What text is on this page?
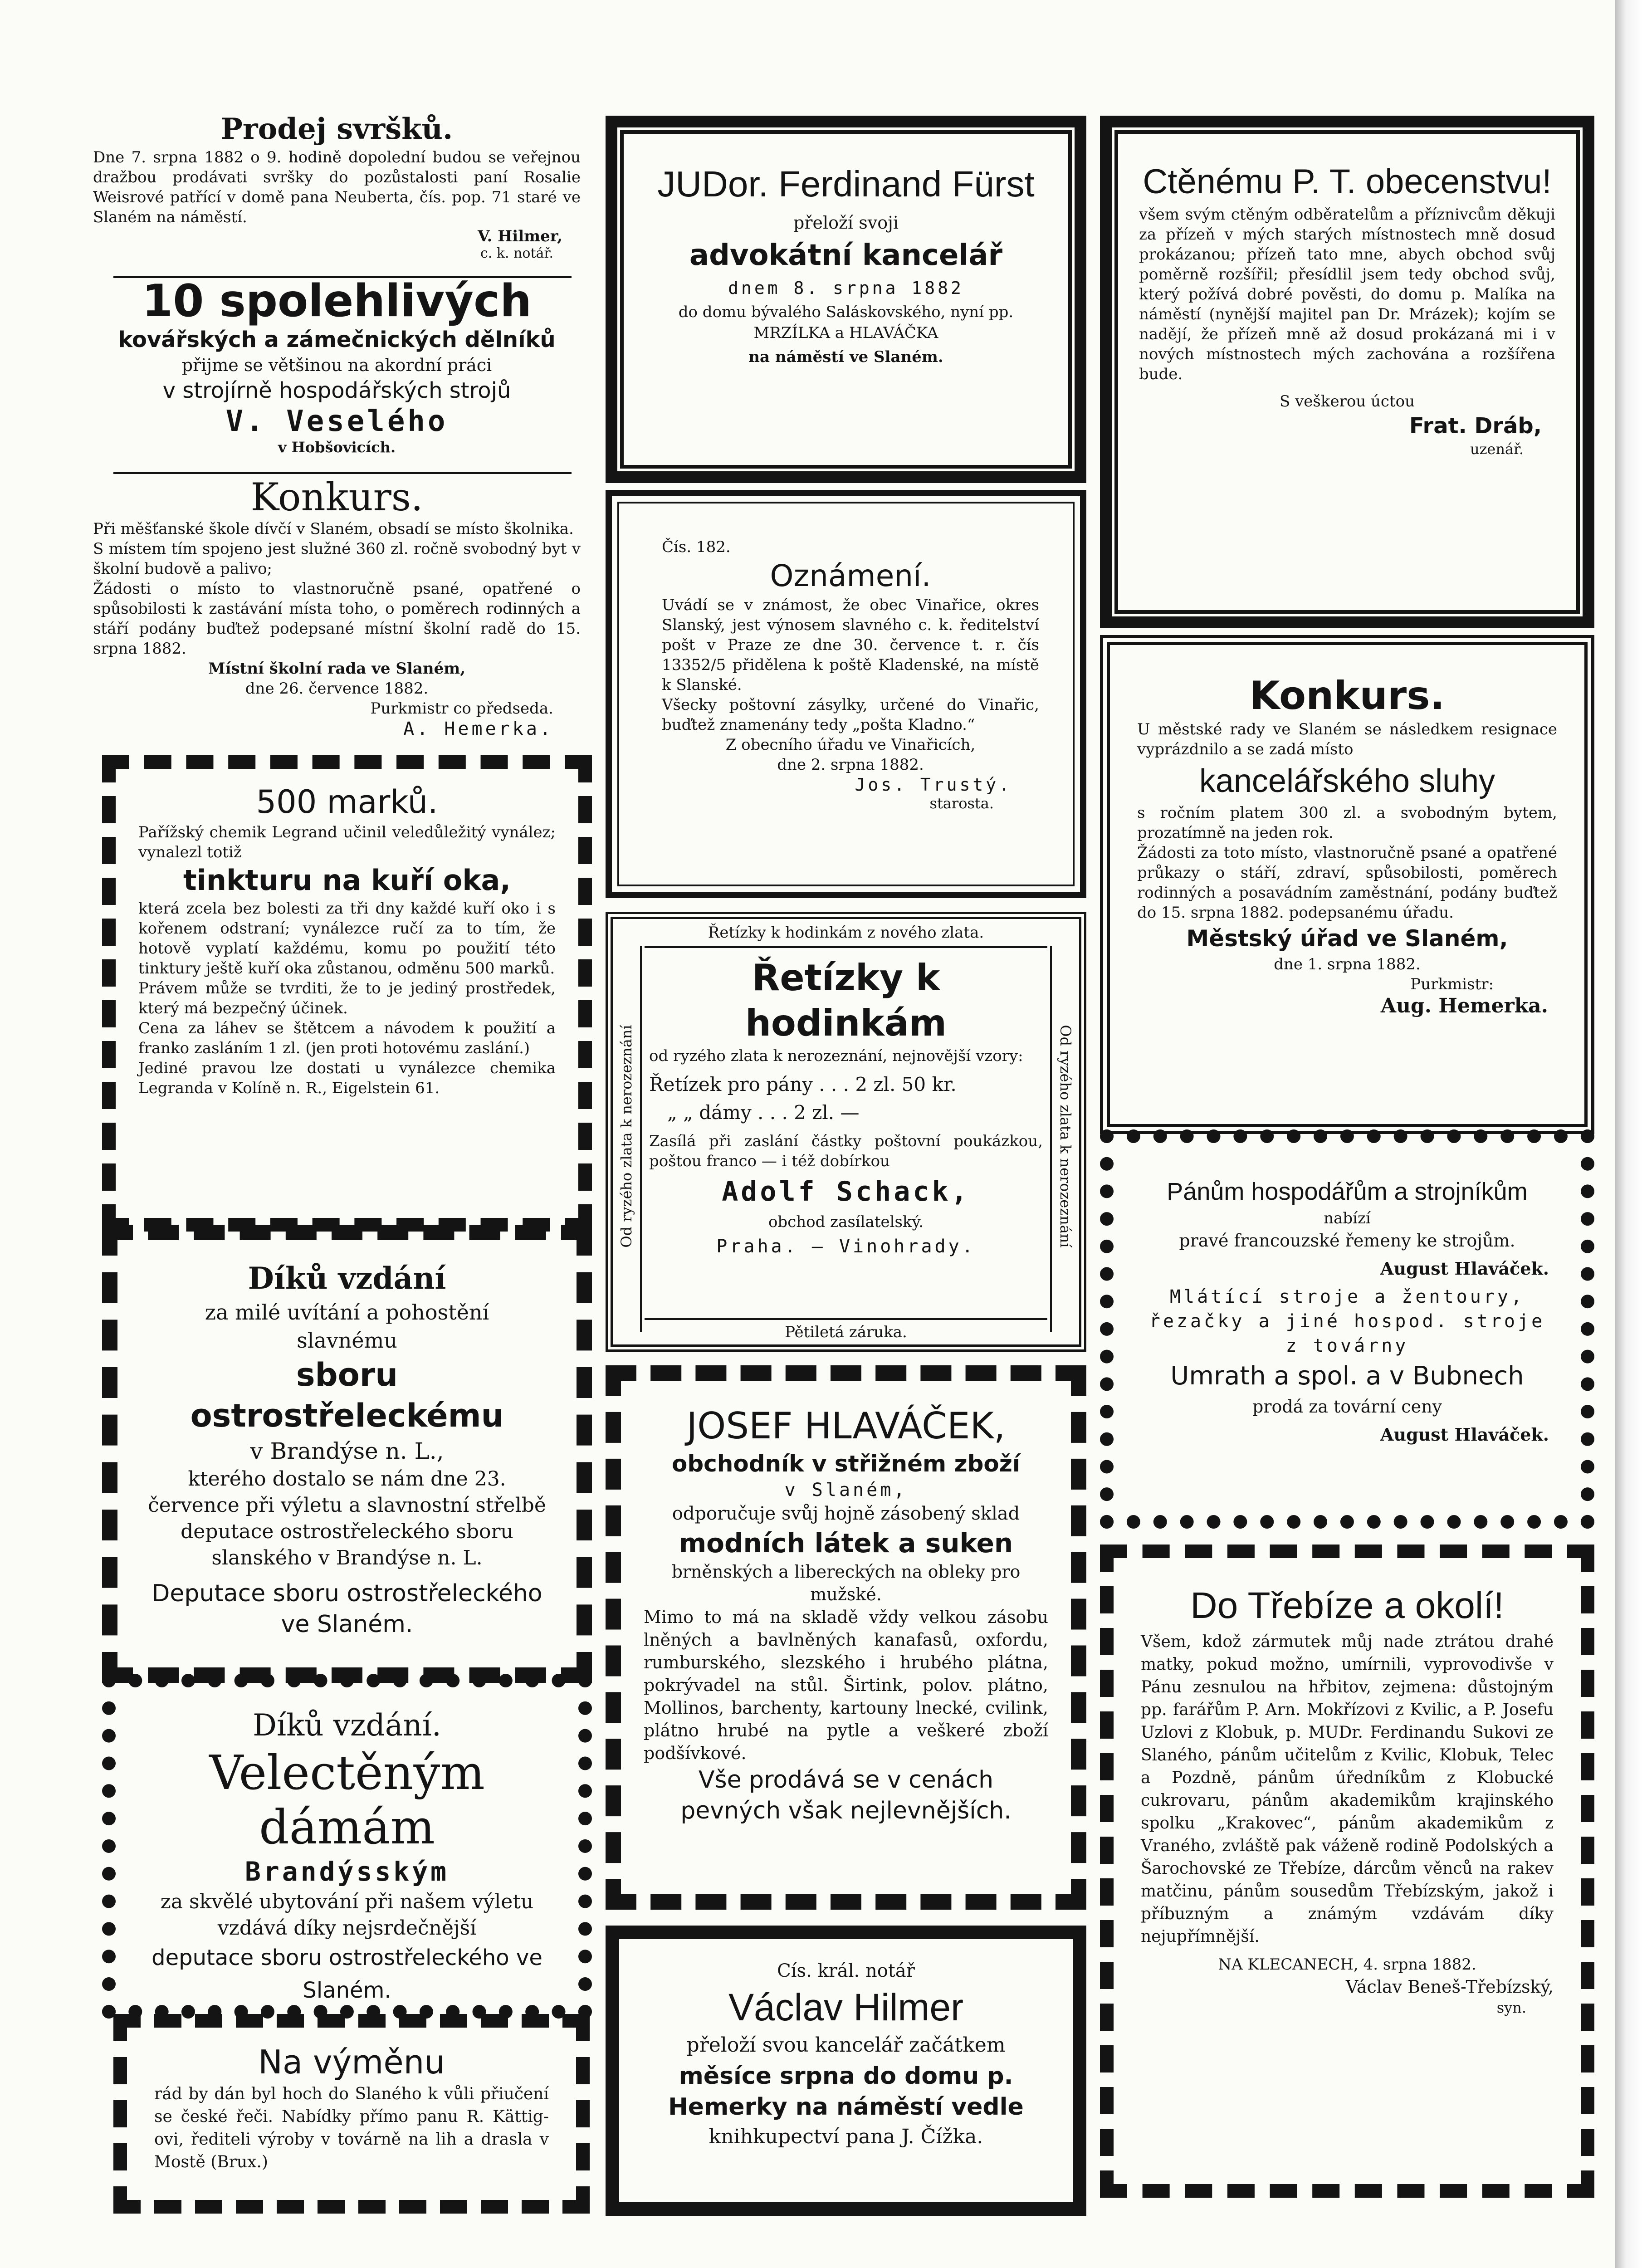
Prodej svršků.

Dne 7. srpna 1882 o 9. hodině dopolední budou se veřejnou dražbou prodávati svršky do pozůstalosti paní Rosalie Weisrové patřící v domě pana Neuberta, čís. pop. 71 staré ve Slaném na náměstí.

V. Hilmer,

c. k. notář.

10 spolehlivých

kovářských a zámečnických dělníků

přijme se většinou na akordní práci

v strojírně hospodářských strojů

V. Veselého

v Hobšovicích.

Konkurs.

Při měšťanské škole dívčí v Slaném, obsadí se místo školnika.

S místem tím spojeno jest služné 360 zl. ročně svobodný byt v školní budově a palivo;

Žádosti o místo to vlastnoručně psané, opatřené o spůsobilosti k zastávání místa toho, o poměrech rodinných a stáří podány buďtež podepsané místní školní radě do 15. srpna 1882.

Místní školní rada ve Slaném,

dne 26. července 1882.

Purkmistr co předseda.

A. Hemerka.

500 marků.

Pařížský chemik Legrand učinil veledůležitý vynález; vynalezl totiž

tinkturu na kuří oka,

která zcela bez bolesti za tři dny každé kuří oko i s kořenem odstraní; vynálezce ručí za to tím, že hotově vyplatí každému, komu po použití této tinktury ještě kuří oka zůstanou, odměnu 500 marků.

Právem může se tvrditi, že to je jediný prostředek, který má bezpečný účinek.

Cena za láhev se štětcem a návodem k použití a franko zasláním 1 zl. (jen proti hotovému zaslání.)

Jediné pravou lze dostati u vynálezce chemika Legranda v Kolíně n. R., Eigelstein 61.

Díků vzdání

za milé uvítání a pohostění

slavnému

sboru ostrostřeleckému

v Brandýse n. L.,

kterého dostalo se nám dne 23. července při výletu a slavnostní střelbě deputace ostrostřeleckého sboru slanského v Brandýse n. L.

Deputace sboru ostrostřeleckého

ve Slaném.

Díků vzdání.

Velectěným dámám

Brandýsským

za skvělé ubytování při našem výletu vzdává díky nejsrdečnější

deputace sboru ostrostřeleckého ve Slaném.

Na výměnu

rád by dán byl hoch do Slaného k vůli přiučení se české řeči. Nabídky přímo panu R. Kättig-ovi, řediteli výroby v továrně na lih a drasla v Mostě (Brux.)

JUDor. Ferdinand Fürst

přeloží svoji

advokátní kancelář

dnem 8. srpna 1882

do domu bývalého Saláskovského, nyní pp. MRZÍLKA a HLAVÁČKA

na náměstí ve Slaném.

Čís. 182.

Oznámení.

Uvádí se v známost, že obec Vinařice, okres Slanský, jest výnosem slavného c. k. ředitelství pošt v Praze ze dne 30. července t. r. čís 13352/5 přidělena k poště Kladenské, na místě k Slanské.

Všecky poštovní zásylky, určené do Vinařic, buďtež znamenány tedy „pošta Kladno.“

Z obecního úřadu ve Vinařicích,

dne 2. srpna 1882.

Jos. Trustý.

starosta.

Řetízky k hodinkám z nového zlata.

Od ryzého zlata k nerozeznání	Od ryzého zlata k nerozeznání

Řetízky k hodinkám

od ryzého zlata k nerozeznání, nejnovější vzory:

Řetízek pro pány . . . 2 zl. 50 kr.

„ „ dámy . . . 2 zl. —

Zasílá při zaslání částky poštovní poukázkou, poštou franco — i též dobírkou

Adolf Schack,

obchod zasílatelský.

Praha. — Vinohrady.

Pětiletá záruka.

JOSEF HLAVÁČEK,

obchodník v střižném zboží

v Slaném,

odporučuje svůj hojně zásobený sklad

modních látek a suken

brněnských a libereckých na obleky pro mužské.

Mimo to má na skladě vždy velkou zásobu lněných a bavlněných kanafasů, oxfordu, rumburského, slezského i hrubého plátna, pokrývadel na stůl. Širtink, polov. plátno, Mollinos, barchenty, kartouny lnecké, cvilink, plátno hrubé na pytle a veškeré zboží podšívkové.

Vše prodává se v cenách

pevných však nejlevnějších.

Cís. král. notář

Václav Hilmer

přeloží svou kancelář začátkem

měsíce srpna do domu p.

Hemerky na náměstí vedle

knihkupectví pana J. Čížka.

Ctěnému P. T. obecenstvu!

všem svým ctěným odběratelům a příznivcům děkuji za přízeň v mých starých místnostech mně dosud prokázanou; přízeň tato mne, abych obchod svůj poměrně rozšířil; přesídlil jsem tedy obchod svůj, který požívá dobré pověsti, do domu p. Malíka na náměstí (nynější majitel pan Dr. Mrázek); kojím se nadějí, že přízeň mně až dosud prokázaná mi i v nových místnostech mých zachována a rozšířena bude.

S veškerou úctou

Frat. Dráb,

uzenář.

Konkurs.

U městské rady ve Slaném se následkem resignace vyprázdnilo a se zadá místo

kancelářského sluhy

s ročním platem 300 zl. a svobodným bytem, prozatímně na jeden rok.

Žádosti za toto místo, vlastnoručně psané a opatřené průkazy o stáří, zdraví, spůsobilosti, poměrech rodinných a posavádním zaměstnání, podány buďtež do 15. srpna 1882. podepsanému úřadu.

Městský úřad ve Slaném,

dne 1. srpna 1882.

Purkmistr:

Aug. Hemerka.

Pánům hospodářům a strojníkům

nabízí

pravé francouzské řemeny ke strojům.

August Hlaváček.

Mlátící stroje a žentoury, řezačky a jiné hospod. stroje z továrny

Umrath a spol. a v Bubnech

prodá za tovární ceny

August Hlaváček.

Do Třebíze a okolí!

Všem, kdož zármutek můj nade ztrátou drahé matky, pokud možno, umírnili, vyprovodivše v Pánu zesnulou na hřbitov, zejmena: důstojným pp. farářům P. Arn. Mokřízovi z Kvilic, a P. Josefu Uzlovi z Klobuk, p. MUDr. Ferdinandu Sukovi ze Slaného, pánům učitelům z Kvilic, Klobuk, Telec a Pozdně, pánům úředníkům z Klobucké cukrovaru, pánům akademikům krajinského spolku „Krakovec“, pánům akademikům z Vraného, zvláště pak váženě rodině Podolských a Šarochovské ze Třebíze, dárcům věnců na rakev matčinu, pánům sousedům Třebízským, jakož i příbuzným a známým vzdávám díky nejupřímnější.

NA KLECANECH, 4. srpna 1882.

Václav Beneš-Třebízský,

syn.
